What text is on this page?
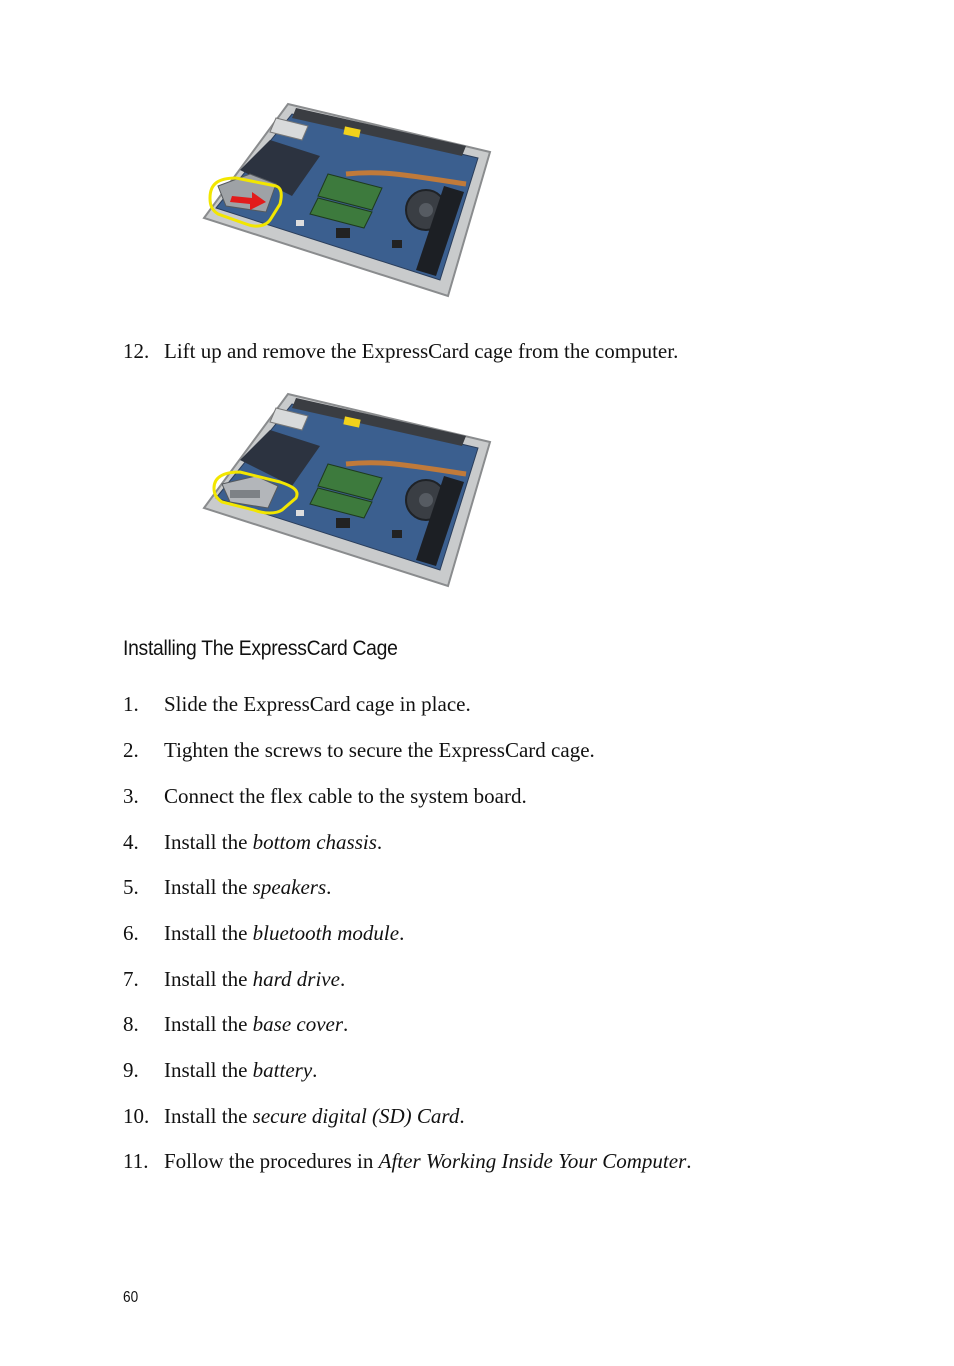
12. Lift up and remove the ExpressCard cage from the computer.
Installing The ExpressCard Cage
1. Slide the ExpressCard cage in place.
2. Tighten the screws to secure the ExpressCard cage.
3. Connect the flex cable to the system board.
4. Install the bottom chassis.
5. Install the speakers.
6. Install the bluetooth module.
7. Install the hard drive.
8. Install the base cover.
9. Install the battery.
10. Install the secure digital (SD) Card.
11. Follow the procedures in After Working Inside Your Computer.
60
